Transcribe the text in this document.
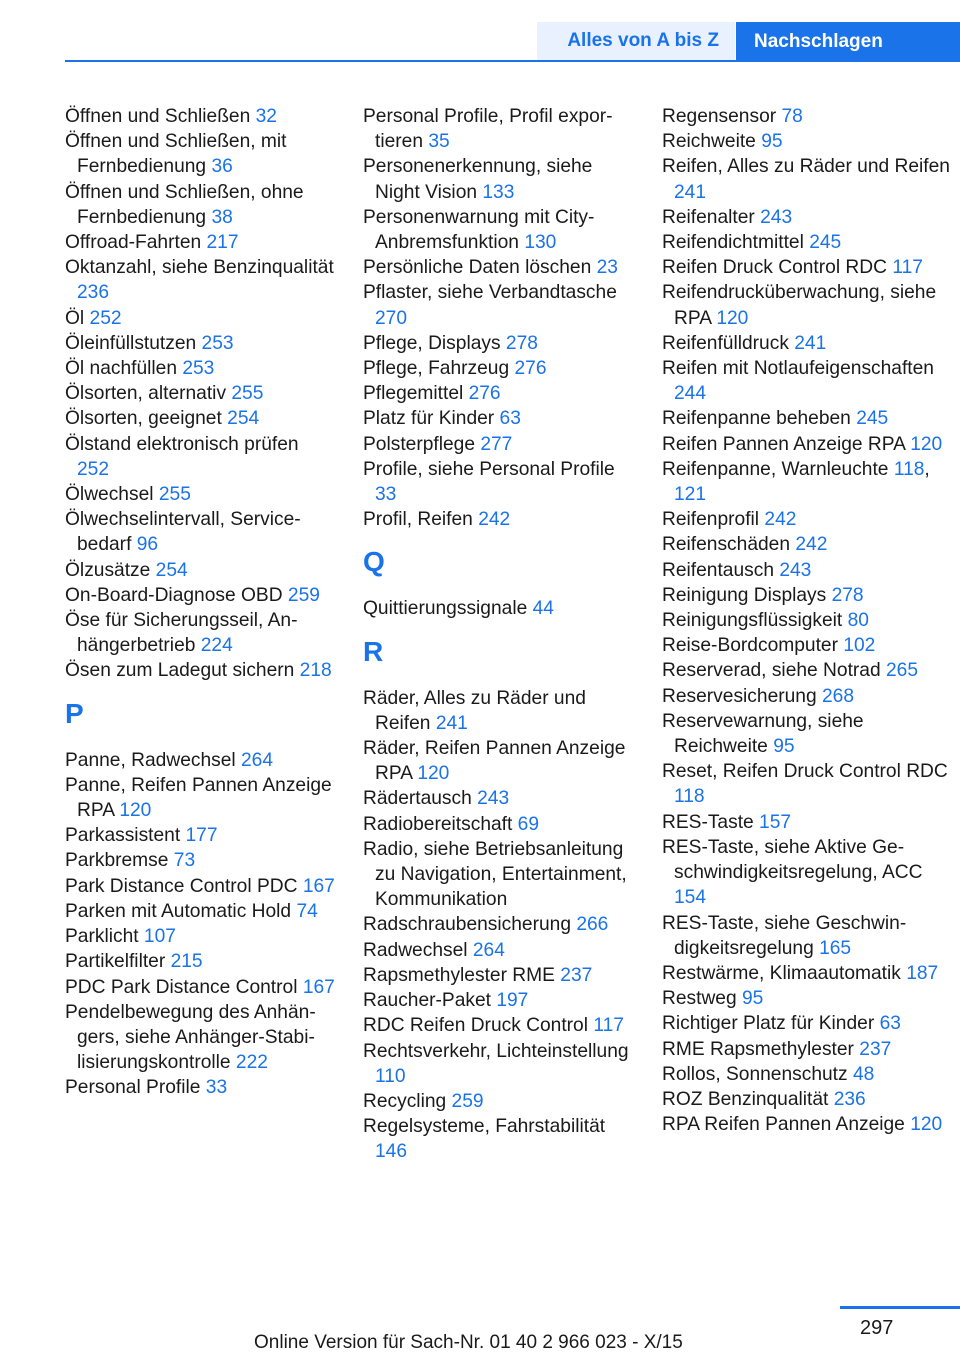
Alles von A bis Z	Nachschlagen
Öffnen und Schließen 32
Öffnen und Schließen, mit Fernbedienung 36
Öffnen und Schließen, ohne Fernbedienung 38
Offroad-Fahrten 217
Oktanzahl, siehe Benzinqualität 236
Öl 252
Öleinfüllstutzen 253
Öl nachfüllen 253
Ölsorten, alternativ 255
Ölsorten, geeignet 254
Ölstand elektronisch prüfen 252
Ölwechsel 255
Ölwechselintervall, Servicebedarf 96
Ölzusätze 254
On-Board-Diagnose OBD 259
Öse für Sicherungsseil, Anhängerbetrieb 224
Ösen zum Ladegut sichern 218
P
Panne, Radwechsel 264
Panne, Reifen Pannen Anzeige RPA 120
Parkassistent 177
Parkbremse 73
Park Distance Control PDC 167
Parken mit Automatic Hold 74
Parklicht 107
Partikelfilter 215
PDC Park Distance Control 167
Pendelbewegung des Anhängers, siehe Anhänger-Stabilisierungskontrolle 222
Personal Profile 33
Personal Profile, Profil exportieren 35
Personenerkennung, siehe Night Vision 133
Personenwarnung mit City-Anbremsfunktion 130
Persönliche Daten löschen 23
Pflaster, siehe Verbandtasche 270
Pflege, Displays 278
Pflege, Fahrzeug 276
Pflegemittel 276
Platz für Kinder 63
Polsterpflege 277
Profile, siehe Personal Profile 33
Profil, Reifen 242
Q
Quittierungssignale 44
R
Räder, Alles zu Räder und Reifen 241
Räder, Reifen Pannen Anzeige RPA 120
Rädertausch 243
Radiobereitschaft 69
Radio, siehe Betriebsanleitung zu Navigation, Entertainment, Kommunikation
Radschraubensicherung 266
Radwechsel 264
Rapsmethylester RME 237
Raucher-Paket 197
RDC Reifen Druck Control 117
Rechtsverkehr, Lichteinstellung 110
Recycling 259
Regelsysteme, Fahrstabilität 146
Regensensor 78
Reichweite 95
Reifen, Alles zu Räder und Reifen 241
Reifenalter 243
Reifendichtmittel 245
Reifen Druck Control RDC 117
Reifendrucküberwachung, siehe RPA 120
Reifenfülldruck 241
Reifen mit Notlaufeigenschaften 244
Reifenpanne beheben 245
Reifen Pannen Anzeige RPA 120
Reifenpanne, Warnleuchte 118, 121
Reifenprofil 242
Reifenschäden 242
Reifentausch 243
Reinigung Displays 278
Reinigungsflüssigkeit 80
Reise-Bordcomputer 102
Reserverad, siehe Notrad 265
Reservesicherung 268
Reservewarnung, siehe Reichweite 95
Reset, Reifen Druck Control RDC 118
RES-Taste 157
RES-Taste, siehe Aktive Geschwindigkeitsregelung, ACC 154
RES-Taste, siehe Geschwindigkeitsregelung 165
Restwärme, Klimaautomatik 187
Restweg 95
Richtiger Platz für Kinder 63
RME Rapsmethylester 237
Rollos, Sonnenschutz 48
ROZ Benzinqualität 236
RPA Reifen Pannen Anzeige 120
297
Online Version für Sach-Nr. 01 40 2 966 023 - X/15
